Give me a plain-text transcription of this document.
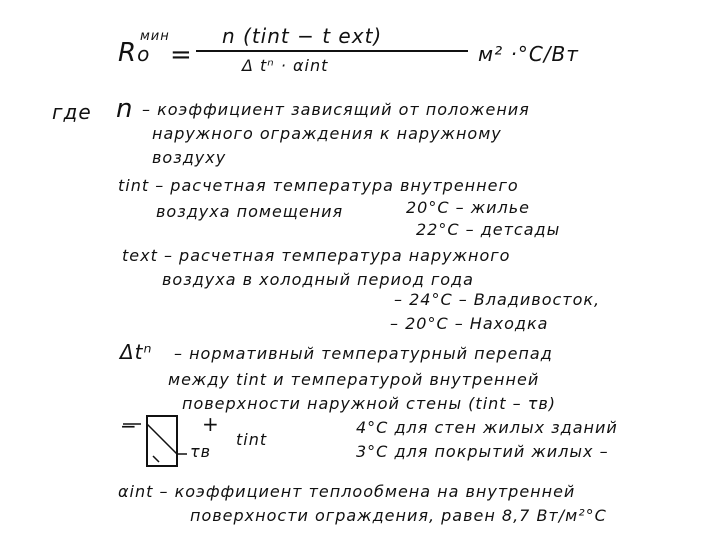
Ro
мин
=
n (tint − t ext)
Δ tⁿ · αint	м² ·°C/Вт
где n – коэффициент зависящий от положения
наружного ограждения к наружному
воздуху
tint – расчетная температура внутреннего
воздуха помещения	20°С – жилье
22°С – детсады
text – расчетная температура наружного
воздуха в холодный период года
– 24°С – Владивосток,
– 20°С – Находка
Δtⁿ – нормативный температурный перепад
между tint и температурой внутренней
поверхности наружной стены (tint – τв)
−	+
τв
tint
4°С для стен жилых зданий
3°С для покрытий жилых –
αint – коэффициент теплообмена на внутренней
поверхности ограждения, равен 8,7 Вт/м²°С
